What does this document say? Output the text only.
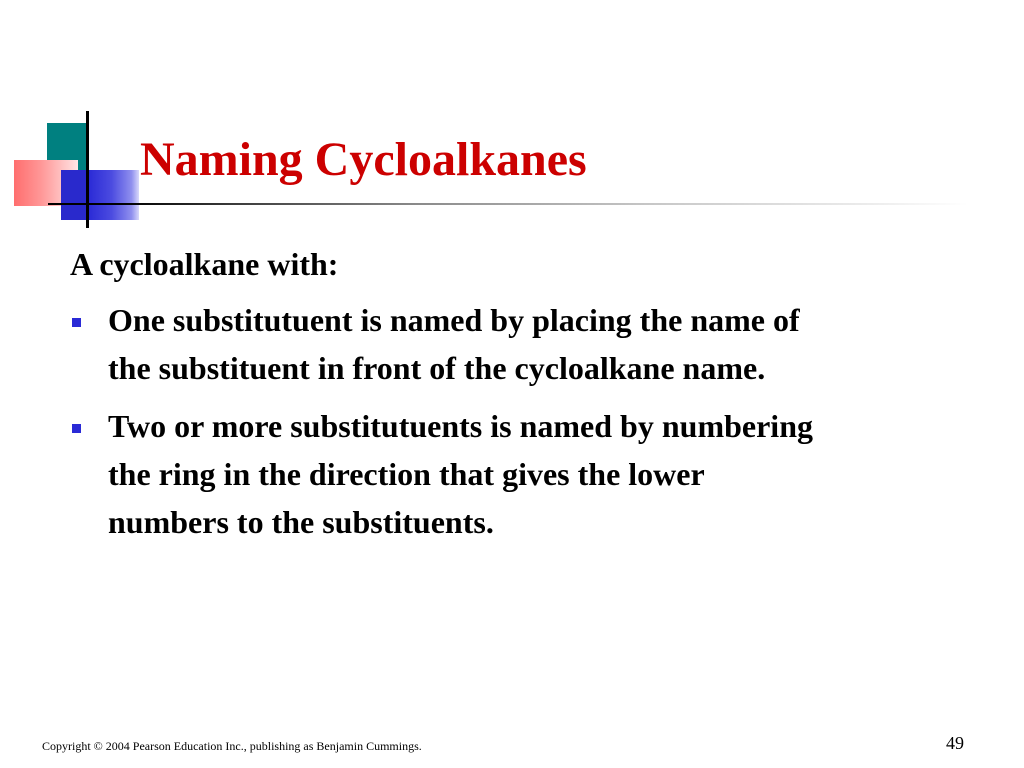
Naming Cycloalkanes
A cycloalkane with:
One substitutuent is named by placing the name of the substituent in front of the cycloalkane name.
Two or more substitutuents is named by numbering the ring in the direction that gives the lower numbers to the substituents.
Copyright © 2004 Pearson Education Inc., publishing as Benjamin Cummings.	49
